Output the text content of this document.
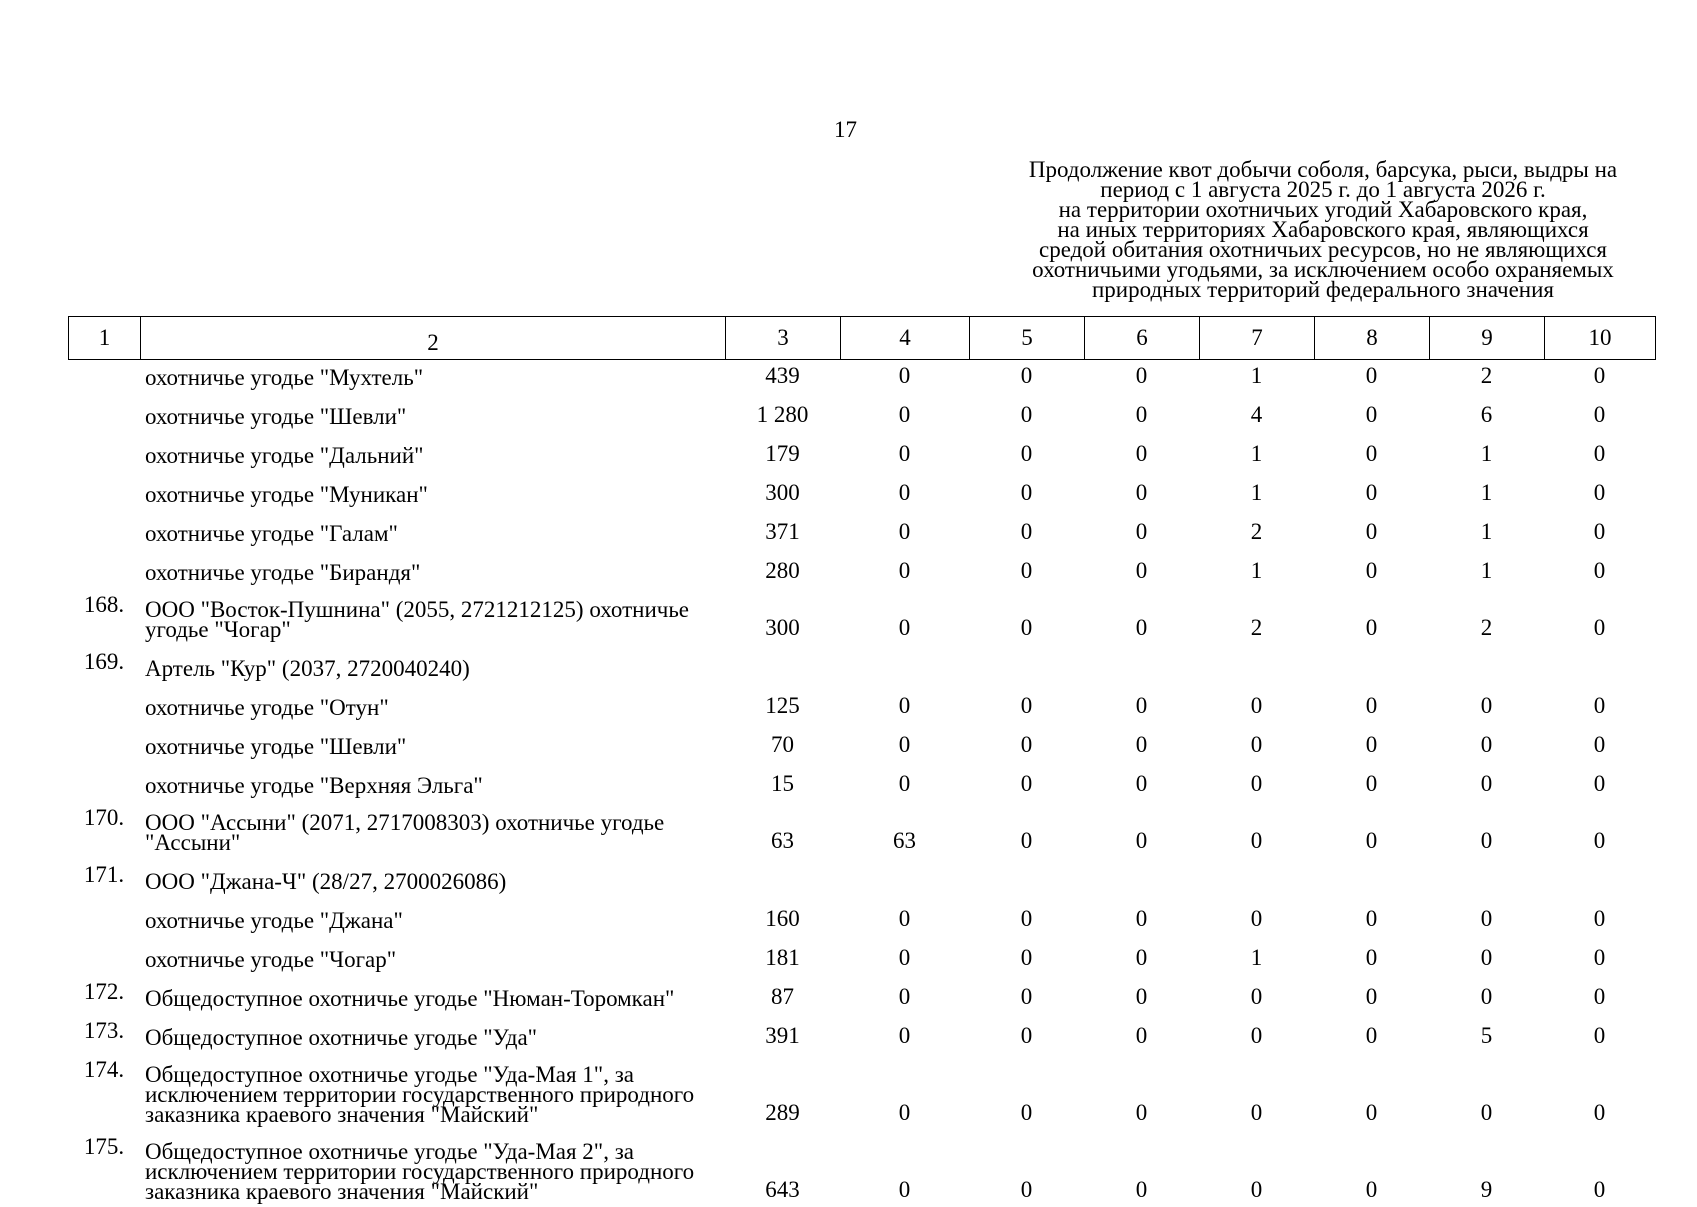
17
Продолжение квот добычи соболя, барсука, рыси, выдры на
период с 1 августа 2025 г. до 1 августа 2026 г.
на территории охотничьих угодий Хабаровского края,
на иных территориях Хабаровского края, являющихся
средой обитания охотничьих ресурсов, но не являющихся
охотничьими угодьями, за исключением особо охраняемых
природных территорий федерального значения
1	2	3	4	5	6	7	8	9	10
	охотничье угодье "Мухтель"	439	0	0	0	1	0	2	0
	охотничье угодье "Шевли"	1 280	0	0	0	4	0	6	0
	охотничье угодье "Дальний"	179	0	0	0	1	0	1	0
	охотничье угодье "Муникан"	300	0	0	0	1	0	1	0
	охотничье угодье "Галам"	371	0	0	0	2	0	1	0
	охотничье угодье "Бирандя"	280	0	0	0	1	0	1	0
168.	ООО "Восток-Пушнина" (2055, 2721212125) охотничье угодье "Чогар"	300	0	0	0	2	0	2	0
169.	Артель "Кур" (2037, 2720040240)								
	охотничье угодье "Отун"	125	0	0	0	0	0	0	0
	охотничье угодье "Шевли"	70	0	0	0	0	0	0	0
	охотничье угодье "Верхняя Эльга"	15	0	0	0	0	0	0	0
170.	ООО "Ассыни" (2071, 2717008303) охотничье угодье "Ассыни"	63	63	0	0	0	0	0	0
171.	ООО "Джана-Ч" (28/27, 2700026086)								
	охотничье угодье "Джана"	160	0	0	0	0	0	0	0
	охотничье угодье "Чогар"	181	0	0	0	1	0	0	0
172.	Общедоступное охотничье угодье "Нюман-Торомкан"	87	0	0	0	0	0	0	0
173.	Общедоступное охотничье угодье "Уда"	391	0	0	0	0	0	5	0
174.	Общедоступное охотничье угодье "Уда-Мая 1", за исключением территории государственного природного заказника краевого значения "Майский"	289	0	0	0	0	0	0	0
175.	Общедоступное охотничье угодье "Уда-Мая 2", за исключением территории государственного природного заказника краевого значения "Майский"	643	0	0	0	0	0	9	0
